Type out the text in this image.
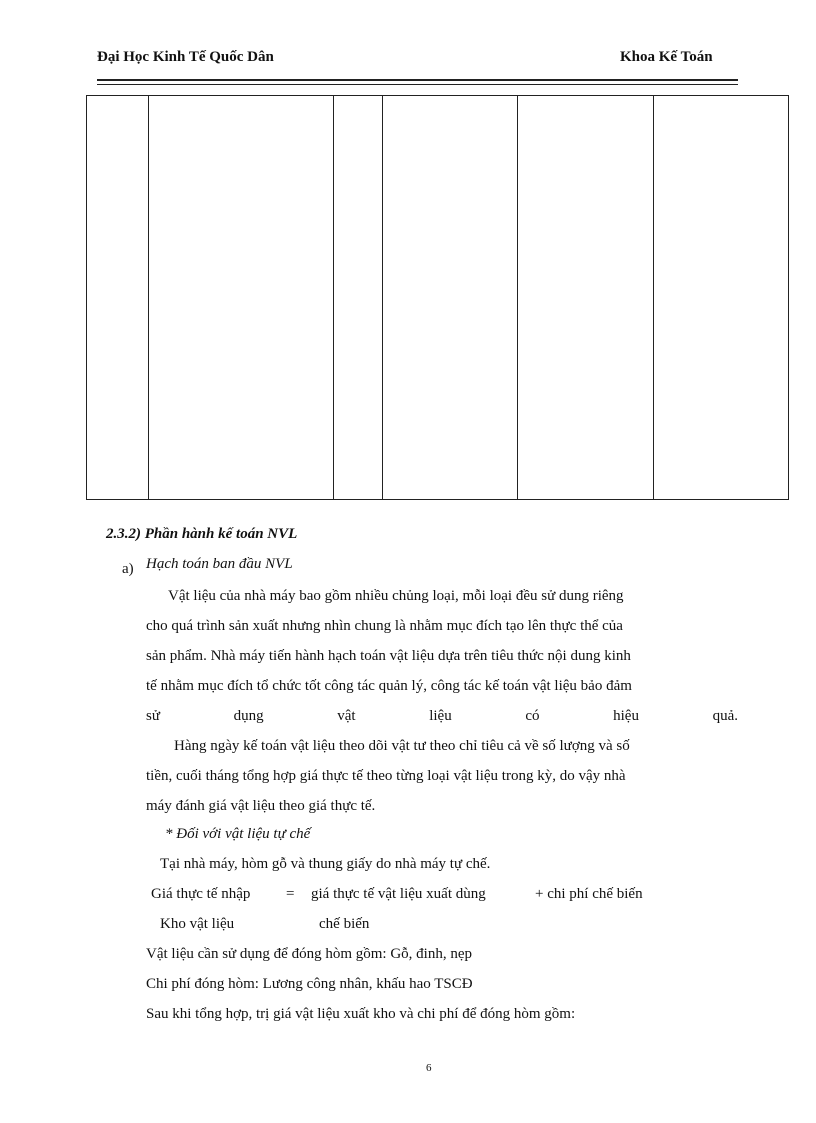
Đại Học Kinh Tế Quốc Dân	Khoa Kế Toán
2.3.2) Phần hành kế toán NVL
a) Hạch toán ban đầu NVL
Vật liệu của nhà máy bao gồm nhiều chủng loại, mỗi loại đều sử dung riêng
cho quá trình sản xuất nhưng nhìn chung là nhằm mục đích tạo lên thực thể của
sản phẩm. Nhà máy tiến hành hạch toán vật liệu dựa trên tiêu thức nội dung kinh
tế nhằm mục đích tổ chức tốt công tác quản lý, công tác kế toán vật liệu bảo đảm
sử dụng vật liệu có hiệu quả.
Hàng ngày kế toán vật liệu theo dõi vật tư theo chỉ tiêu cả về số lượng và số
tiền, cuối tháng tổng hợp giá thực tế theo từng loại vật liệu trong kỳ, do vậy nhà
máy đánh giá vật liệu theo giá thực tế.
* Đối với vật liệu tự chế
Tại nhà máy, hòm gỗ và thung giấy do nhà máy tự chế.
Giá thực tế nhập = giá thực tế vật liệu xuất dùng	+ chi phí chế biến
Kho vật liệu	chế biến
Vật liệu cần sử dụng để đóng hòm gồm: Gỗ, đinh, nẹp
Chi phí đóng hòm: Lương công nhân, khấu hao TSCĐ
Sau khi tổng hợp, trị giá vật liệu xuất kho và chi phí để đóng hòm gồm:
6
